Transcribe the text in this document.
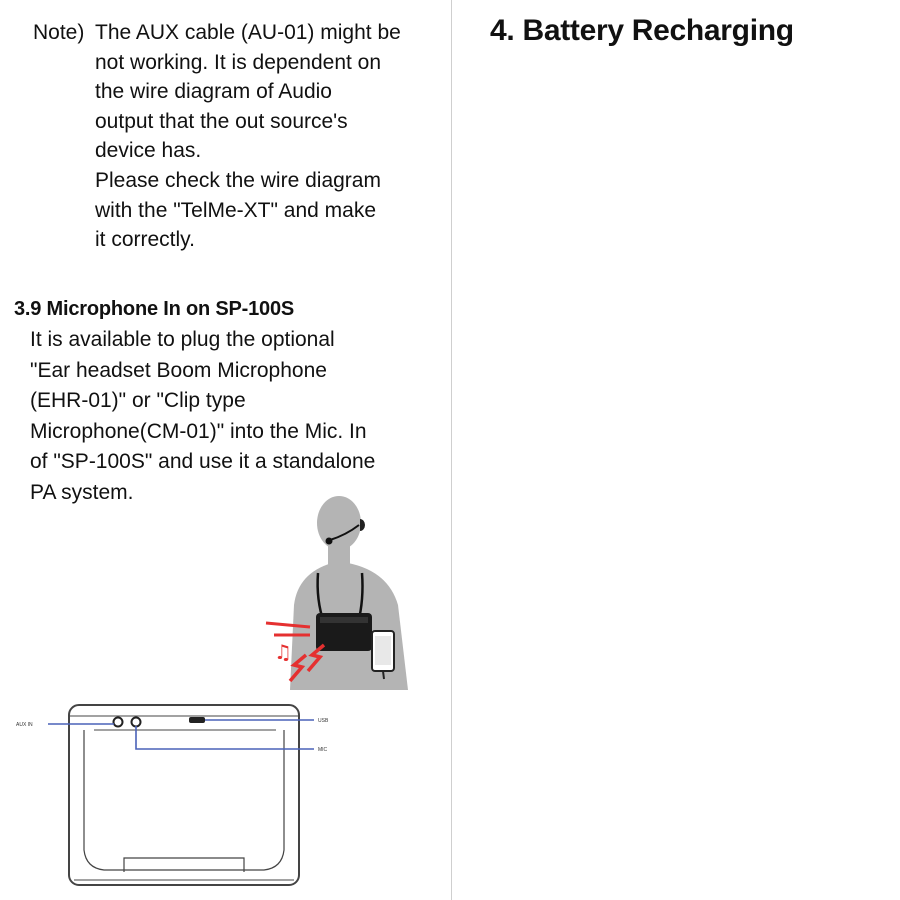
Note) The AUX cable (AU-01) might be
not working. It is dependent on
the wire diagram of Audio
output that the out source's
device has.
Please check the wire diagram
with the "TelMe-XT" and make
it correctly.
3.9 Microphone In on SP-100S
It is available to plug the optional
"Ear headset Boom Microphone
(EHR-01)" or "Clip type
Microphone(CM-01)" into the Mic. In
of "SP-100S" and use it a standalone
PA system.
4. Battery Recharging
♫
AUX IN
USB
MIC
